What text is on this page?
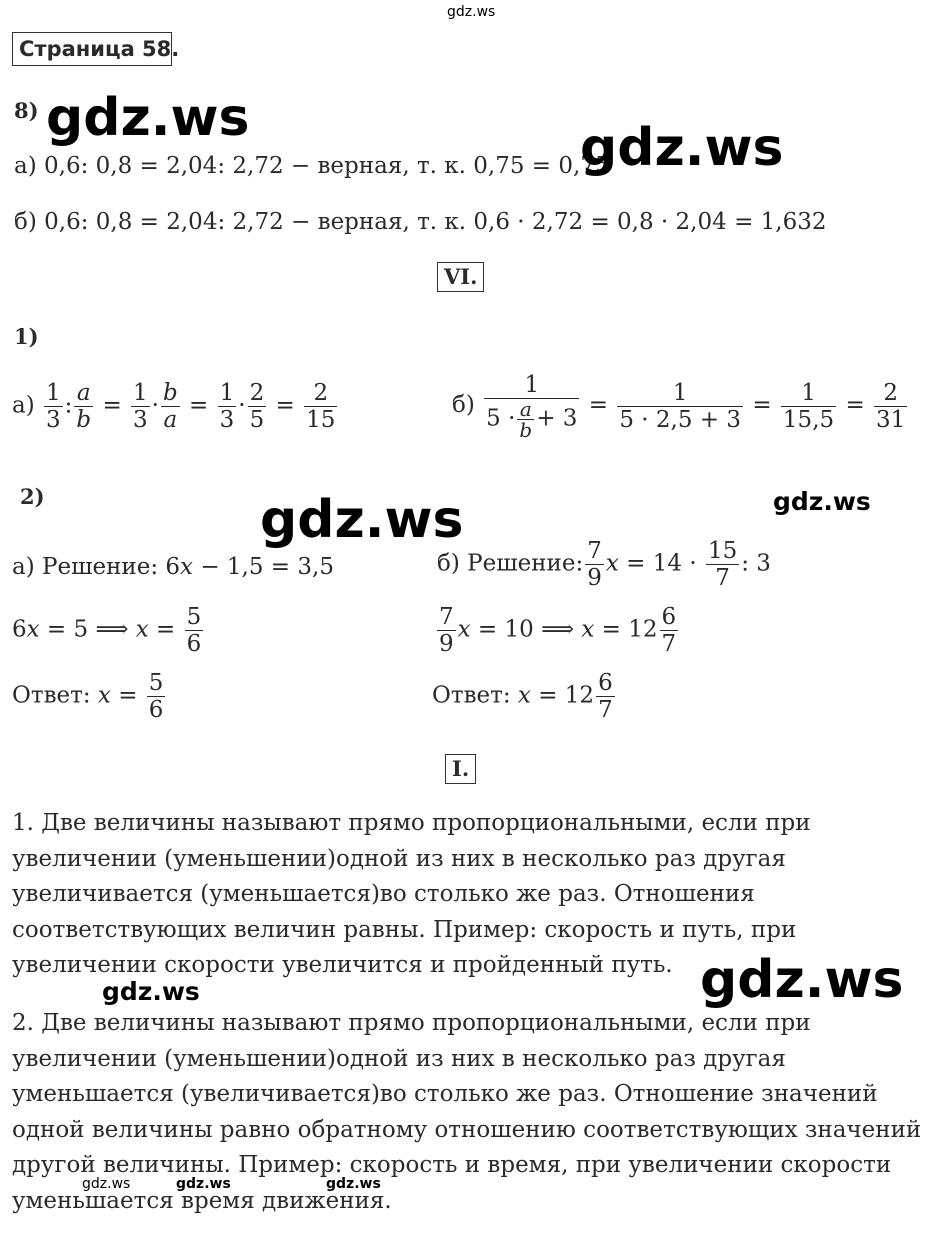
gdz.ws
Страница 58.
8) gdz.ws
а) 0,6: 0,8 = 2,04: 2,72 − верная, т. к. 0,75 = 0,75
gdz.ws
б) 0,6: 0,8 = 2,04: 2,72 − верная, т. к. 0,6 · 2,72 = 0,8 · 2,04 = 1,632
VI.
1)
$а) \frac{1}{3}$ : $\frac{a}{b} = \frac{1}{3} \cdot \frac{b}{a} = \frac{1}{3} \cdot \frac{2}{5} = \frac{2}{15}$	$б) \frac{1}{5 \cdot \frac{a}{b} + 3} = \frac{1}{5 \cdot 2,5 + 3} = \frac{1}{15,5} = \frac{2}{31}$
2)	gdz.ws	gdz.ws
а) Решение: 6𝑥 − 1,5 = 3,5	б) Решение: $\frac{7}{9}$ 𝑥 = $14 \cdot \frac{15}{7}$ : 3
6𝑥 = 5 ⟹ 𝑥 = $\frac{5}{6}$	$\frac{7}{9}$ 𝑥 = 10 ⟹ 𝑥 = $12 \frac{6}{7}$
Ответ: 𝑥 = $\frac{5}{6}$	Ответ: 𝑥 = $12 \frac{6}{7}$
I.
1. Две величины называют прямо пропорциональными, если при
увеличении (уменьшении)одной из них в несколько раз другая
увеличивается (уменьшается)во столько же раз. Отношения
соответствующих величин равны. Пример: скорость и путь, при
увеличении скорости увеличится и пройденный путь. gdz.ws
gdz.ws
2. Две величины называют прямо пропорциональными, если при
увеличении (уменьшении)одной из них в несколько раз другая
уменьшается (увеличивается)во столько же раз. Отношение значений
одной величины равно обратному отношению соответствующих значений
другой величины. Пример: скорость и время, при увеличении скорости
уменьшается время движения.
gdz.ws	gdz.ws	gdz.ws
